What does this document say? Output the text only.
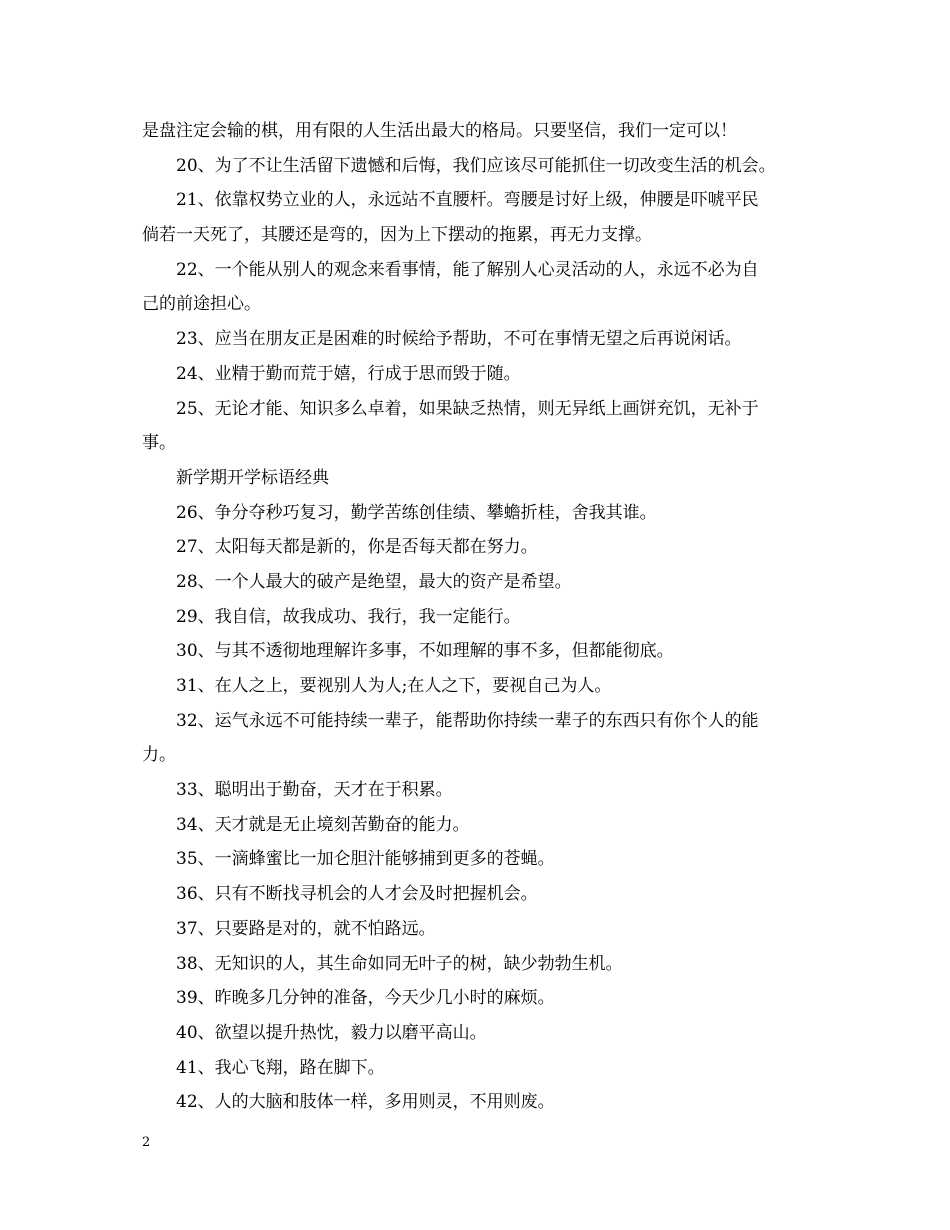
是盘注定会输的棋，用有限的人生活出最大的格局。只要坚信，我们一定可以！
20、为了不让生活留下遗憾和后悔，我们应该尽可能抓住一切改变生活的机会。
21、依靠权势立业的人，永远站不直腰杆。弯腰是讨好上级，伸腰是吓唬平民
倘若一天死了，其腰还是弯的，因为上下摆动的拖累，再无力支撑。
22、一个能从别人的观念来看事情，能了解别人心灵活动的人，永远不必为自
己的前途担心。
23、应当在朋友正是困难的时候给予帮助，不可在事情无望之后再说闲话。
24、业精于勤而荒于嬉，行成于思而毁于随。
25、无论才能、知识多么卓着，如果缺乏热情，则无异纸上画饼充饥，无补于
事。
新学期开学标语经典
26、争分夺秒巧复习，勤学苦练创佳绩、攀蟾折桂，舍我其谁。
27、太阳每天都是新的，你是否每天都在努力。
28、一个人最大的破产是绝望，最大的资产是希望。
29、我自信，故我成功、我行，我一定能行。
30、与其不透彻地理解许多事，不如理解的事不多，但都能彻底。
31、在人之上，要视别人为人;在人之下，要视自己为人。
32、运气永远不可能持续一辈子，能帮助你持续一辈子的东西只有你个人的能
力。
33、聪明出于勤奋，天才在于积累。
34、天才就是无止境刻苦勤奋的能力。
35、一滴蜂蜜比一加仑胆汁能够捕到更多的苍蝇。
36、只有不断找寻机会的人才会及时把握机会。
37、只要路是对的，就不怕路远。
38、无知识的人，其生命如同无叶子的树，缺少勃勃生机。
39、昨晚多几分钟的准备，今天少几小时的麻烦。
40、欲望以提升热忱，毅力以磨平高山。
41、我心飞翔，路在脚下。
42、人的大脑和肢体一样，多用则灵，不用则废。
2
